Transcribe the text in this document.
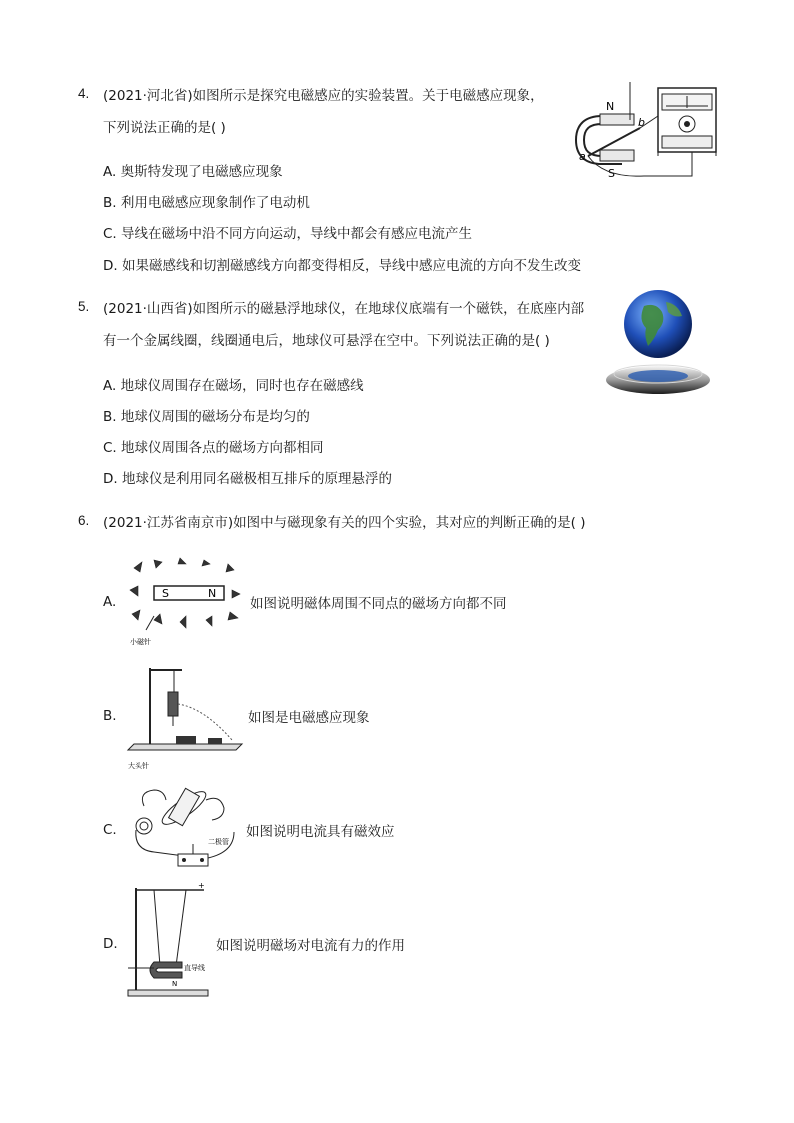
4. (2021·河北省)如图所示是探究电磁感应的实验装置。关于电磁感应现象，
下列说法正确的是( )
A. 奥斯特发现了电磁感应现象
B. 利用电磁感应现象制作了电动机
C. 导线在磁场中沿不同方向运动，导线中都会有感应电流产生
D. 如果磁感线和切割磁感线方向都变得相反，导线中感应电流的方向不发生改变
N
S
a
b
5. (2021·山西省)如图所示的磁悬浮地球仪，在地球仪底端有一个磁铁，在底座内部
有一个金属线圈，线圈通电后，地球仪可悬浮在空中。下列说法正确的是( )
A. 地球仪周围存在磁场，同时也存在磁感线
B. 地球仪周围的磁场分布是均匀的
C. 地球仪周围各点的磁场方向都相同
D. 地球仪是利用同名磁极相互排斥的原理悬浮的
6. (2021·江苏省南京市)如图中与磁现象有关的四个实验，其对应的判断正确的是( )
A.
S	N
小磁针
如图说明磁体周围不同点的磁场方向都不同
B.
大头针
如图是电磁感应现象
C.
二极管
如图说明电流具有磁效应
D.
+
直导线
N
如图说明磁场对电流有力的作用
